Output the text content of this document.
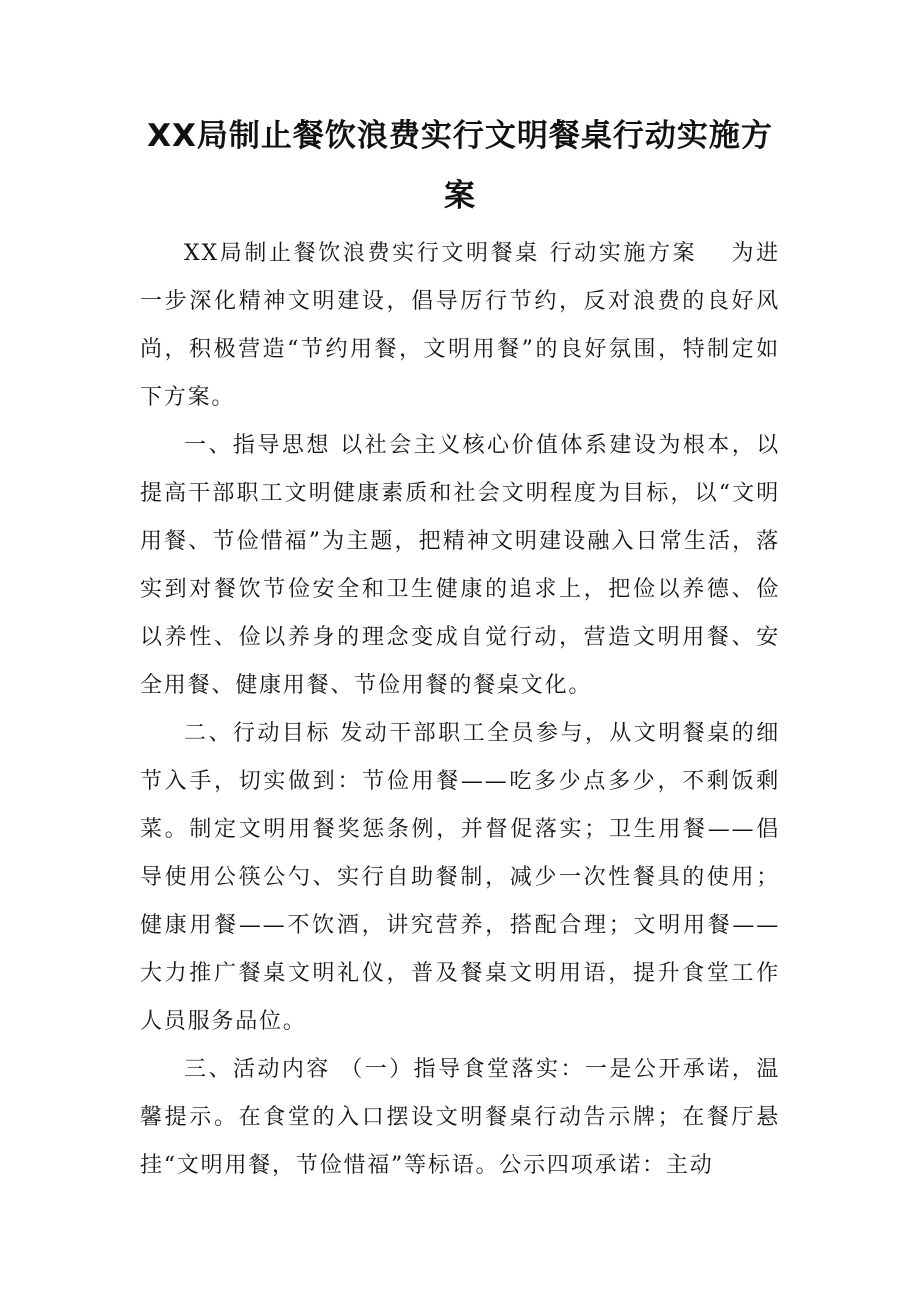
XX局制止餐饮浪费实行文明餐桌行动实施方案

XX局制止餐饮浪费实行文明餐桌 行动实施方案　 为进一步深化精神文明建设，倡导厉行节约，反对浪费的良好风尚，积极营造“节约用餐，文明用餐”的良好氛围，特制定如下方案。

一、指导思想 以社会主义核心价值体系建设为根本，以提高干部职工文明健康素质和社会文明程度为目标，以“文明用餐、节俭惜福”为主题，把精神文明建设融入日常生活，落实到对餐饮节俭安全和卫生健康的追求上，把俭以养德、俭以养性、俭以养身的理念变成自觉行动，营造文明用餐、安全用餐、健康用餐、节俭用餐的餐桌文化。

二、行动目标 发动干部职工全员参与，从文明餐桌的细节入手，切实做到：节俭用餐——吃多少点多少，不剩饭剩菜。制定文明用餐奖惩条例，并督促落实；卫生用餐——倡导使用公筷公勺、实行自助餐制，减少一次性餐具的使用；健康用餐——不饮酒，讲究营养，搭配合理；文明用餐——大力推广餐桌文明礼仪，普及餐桌文明用语，提升食堂工作人员服务品位。

三、活动内容 （一）指导食堂落实：一是公开承诺，温馨提示。在食堂的入口摆设文明餐桌行动告示牌；在餐厅悬挂“文明用餐，节俭惜福”等标语。公示四项承诺：主动
